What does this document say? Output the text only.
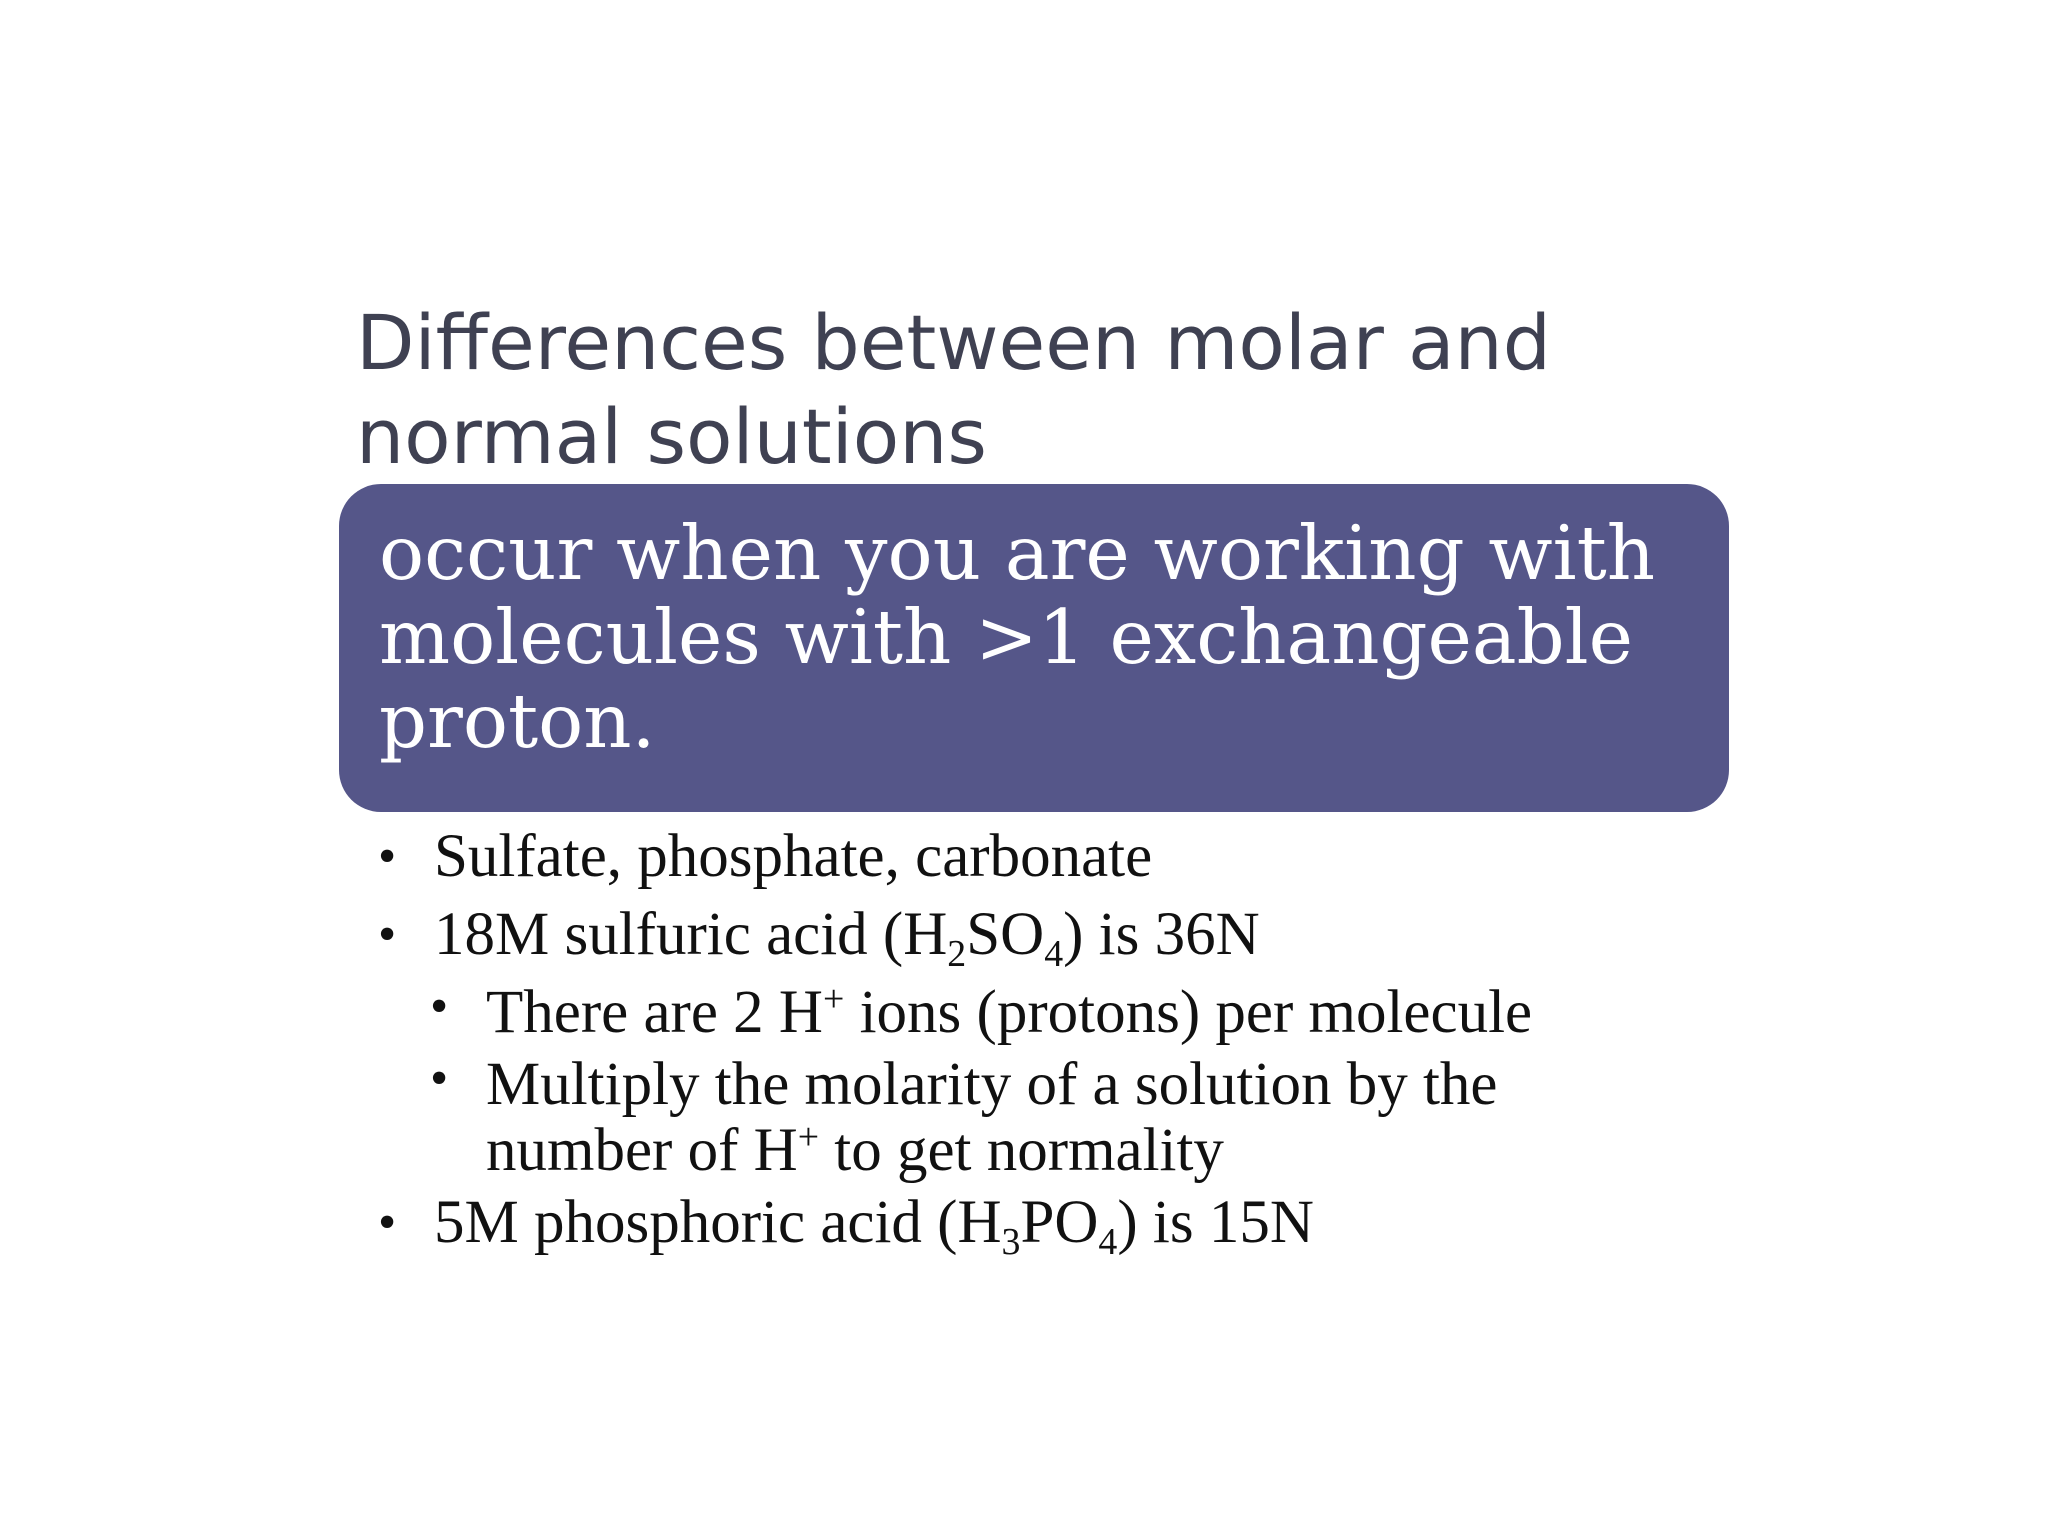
Differences between molar and
normal solutions

occur when you are working with
molecules with >1 exchangeable
proton.

• Sulfate, phosphate, carbonate
• 18M sulfuric acid $(H_2SO_4)$ is 36N
• There are 2 H+ ions (protons) per molecule
• Multiply the molarity of a solution by the
number of H+ to get normality
• 5M phosphoric acid $(H_3PO_4)$ is 15N
